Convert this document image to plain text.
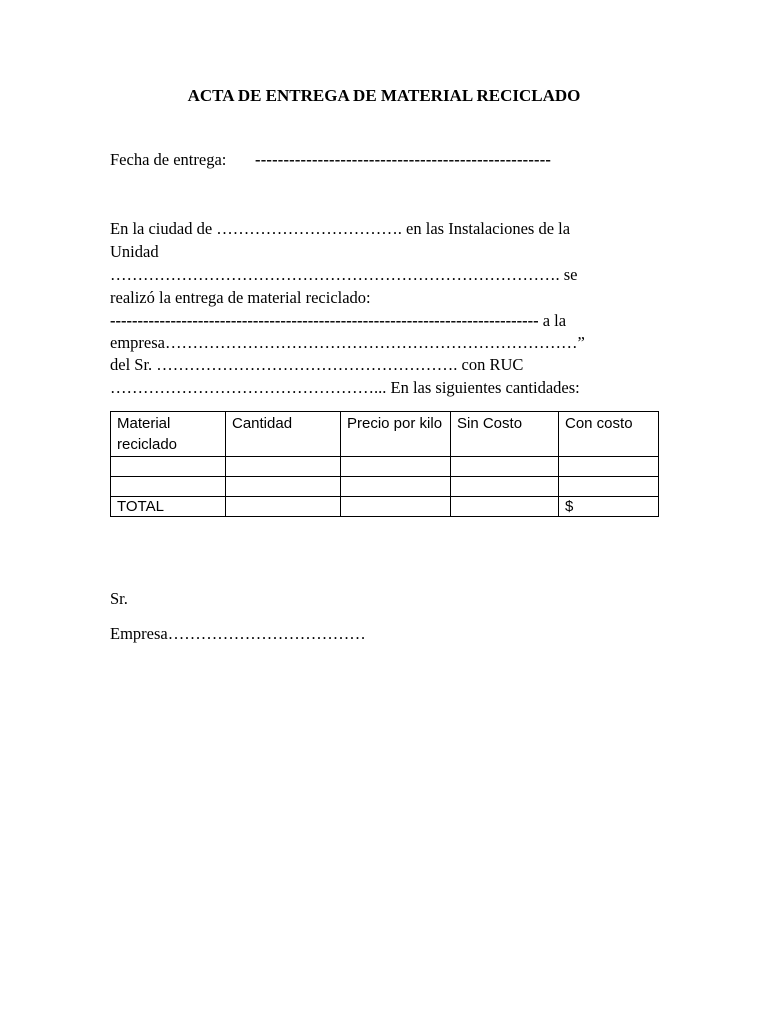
ACTA DE ENTREGA DE MATERIAL RECICLADO
Fecha de entrega: ----------------------------------------------------
En la ciudad de ……………………………. en las Instalaciones de la
Unidad
………………………………………………………………………. se
realizó la entrega de material reciclado:
------------------------------------------------------------------------------ a la
empresa…………………………………………………………………”
del Sr. ………………………………………………. con RUC
…………………………………………... En las siguientes cantidades:
Material reciclado	Cantidad	Precio por kilo	Sin Costo	Con costo

TOTAL				$
Sr.
Empresa………………………………
